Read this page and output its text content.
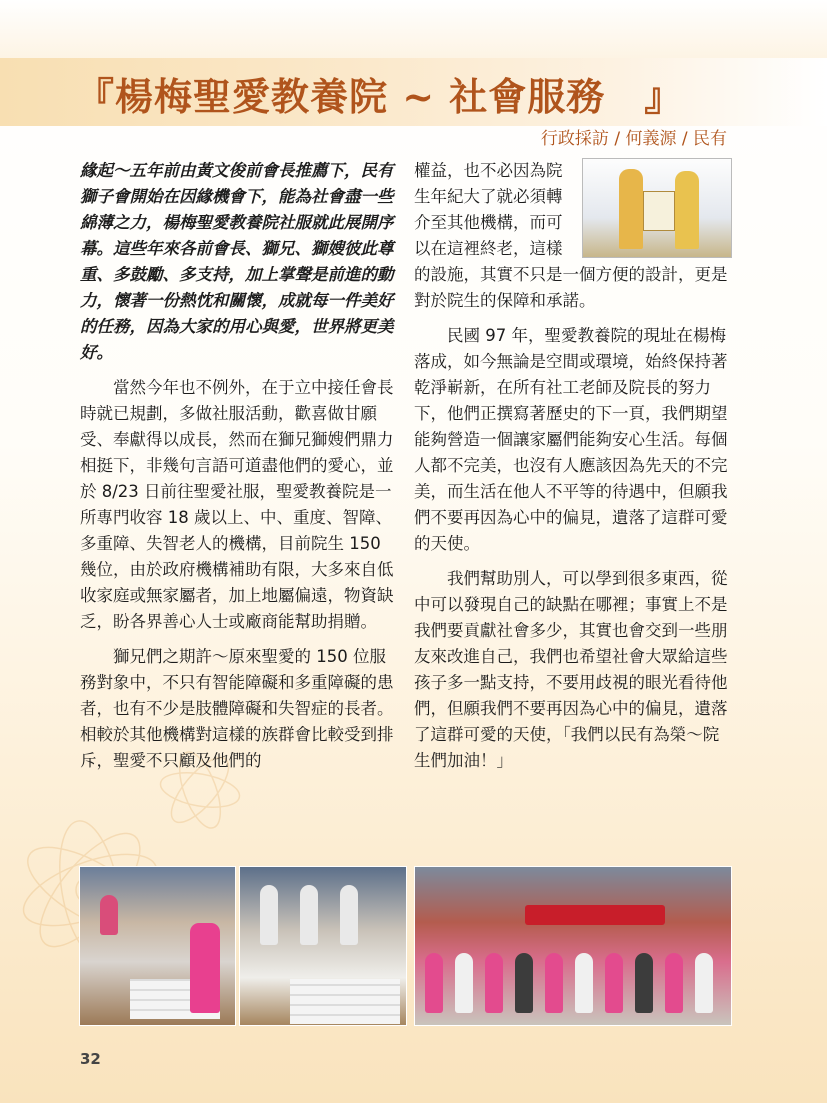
『楊梅聖愛教養院 ~ 社會服務　』

行政採訪 / 何義源 / 民有

緣起～五年前由黃文俊前會長推薦下，民有獅子會開始在因緣機會下，能為社會盡一些綿薄之力，楊梅聖愛教養院社服就此展開序幕。這些年來各前會長、獅兄、獅嫂彼此尊重、多鼓勵、多支持，加上掌聲是前進的動力，懷著一份熱忱和關懷，成就每一件美好的任務，因為大家的用心與愛，世界將更美好。

當然今年也不例外，在于立中接任會長時就已規劃，多做社服活動，歡喜做甘願受、奉獻得以成長，然而在獅兄獅嫂們鼎力相挺下，非幾句言語可道盡他們的愛心，並於 8/23 日前往聖愛社服，聖愛教養院是一所專門收容 18 歲以上、中、重度、智障、多重障、失智老人的機構，目前院生 150 幾位，由於政府機構補助有限，大多來自低收家庭或無家屬者，加上地屬偏遠，物資缺乏，盼各界善心人士或廠商能幫助捐贈。

獅兄們之期許～原來聖愛的 150 位服務對象中，不只有智能障礙和多重障礙的患者，也有不少是肢體障礙和失智症的長者。相較於其他機構對這樣的族群會比較受到排斥，聖愛不只顧及他們的

權益，也不必因為院生年紀大了就必須轉介至其他機構，而可以在這裡終老，這樣的設施，其實不只是一個方便的設計，更是對於院生的保障和承諾。

民國 97 年，聖愛教養院的現址在楊梅落成，如今無論是空間或環境，始終保持著乾淨嶄新，在所有社工老師及院長的努力下，他們正撰寫著歷史的下一頁，我們期望能夠營造一個讓家屬們能夠安心生活。每個人都不完美，也沒有人應該因為先天的不完美，而生活在他人不平等的待遇中，但願我們不要再因為心中的偏見，遺落了這群可愛的天使。

我們幫助別人，可以學到很多東西，從中可以發現自己的缺點在哪裡；事實上不是我們要貢獻社會多少，其實也會交到一些朋友來改進自己，我們也希望社會大眾給這些孩子多一點支持，不要用歧視的眼光看待他們，但願我們不要再因為心中的偏見，遺落了這群可愛的天使，「我們以民有為榮～院生們加油！」

32
